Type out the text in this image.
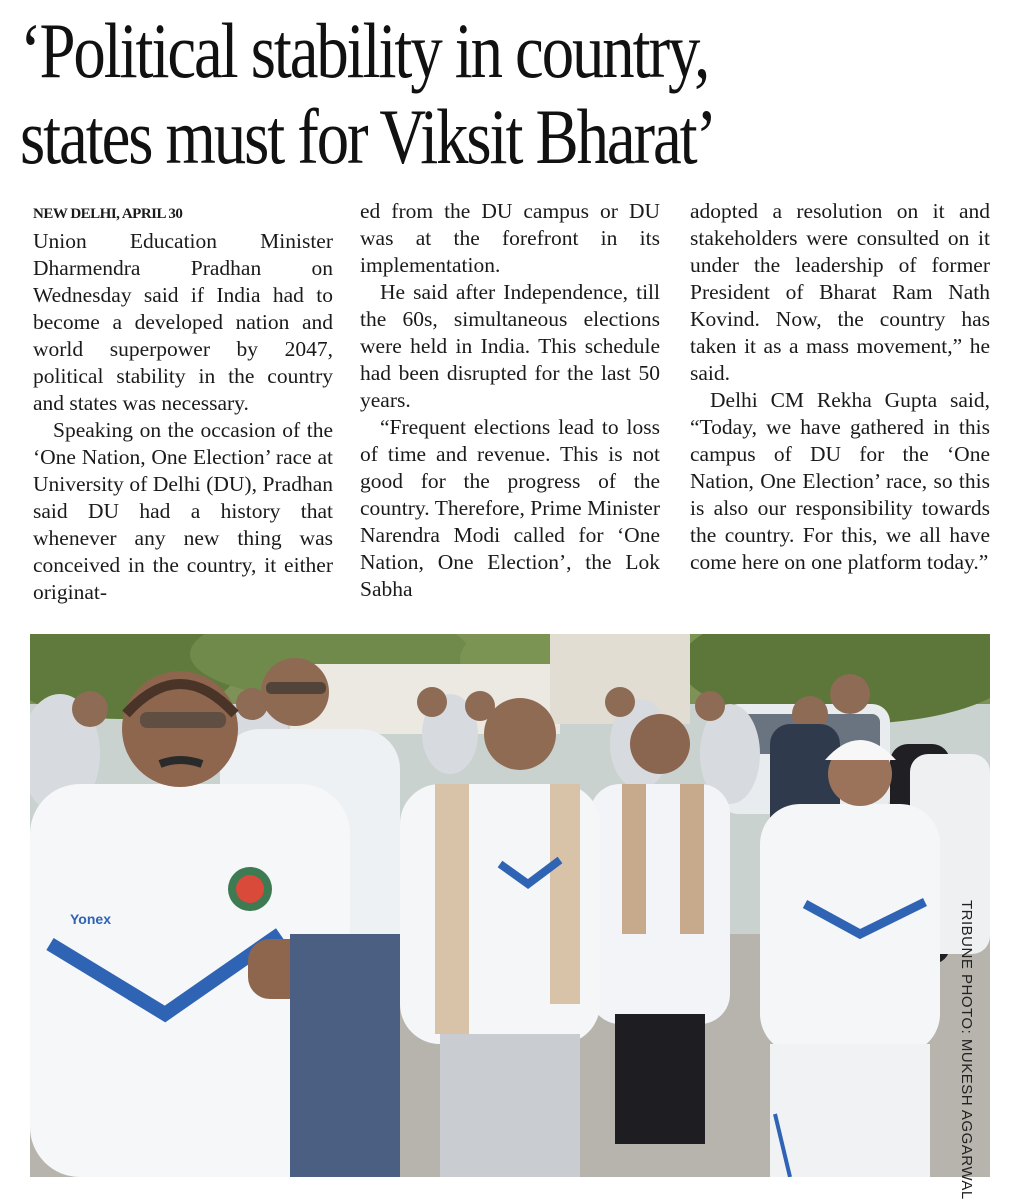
‘Political stability in country,
states must for Viksit Bharat’

NEW DELHI, APRIL 30
Union Education Minister Dharmendra Pradhan on Wednesday said if India had to become a developed nation and world superpower by 2047, political stability in the country and states was necessary.

Speaking on the occasion of the ‘One Nation, One Election’ race at University of Delhi (DU), Pradhan said DU had a history that whenever any new thing was conceived in the country, it either originat-

ed from the DU campus or DU was at the forefront in its implementation.

He said after Independence, till the 60s, simultaneous elections were held in India. This schedule had been disrupted for the last 50 years.

“Frequent elections lead to loss of time and revenue. This is not good for the progress of the country. Therefore, Prime Minister Narendra Modi called for ‘One Nation, One Election’, the Lok Sabha

adopted a resolution on it and stakeholders were consulted on it under the leadership of former President of Bharat Ram Nath Kovind. Now, the country has taken it as a mass movement,” he said.

Delhi CM Rekha Gupta said, “Today, we have gathered in this campus of DU for the ‘One Nation, One Election’ race, so this is also our responsibility towards the country. For this, we all have come here on one platform today.”

Yonex	TRIBUNE PHOTO: MUKESH AGGARWAL
